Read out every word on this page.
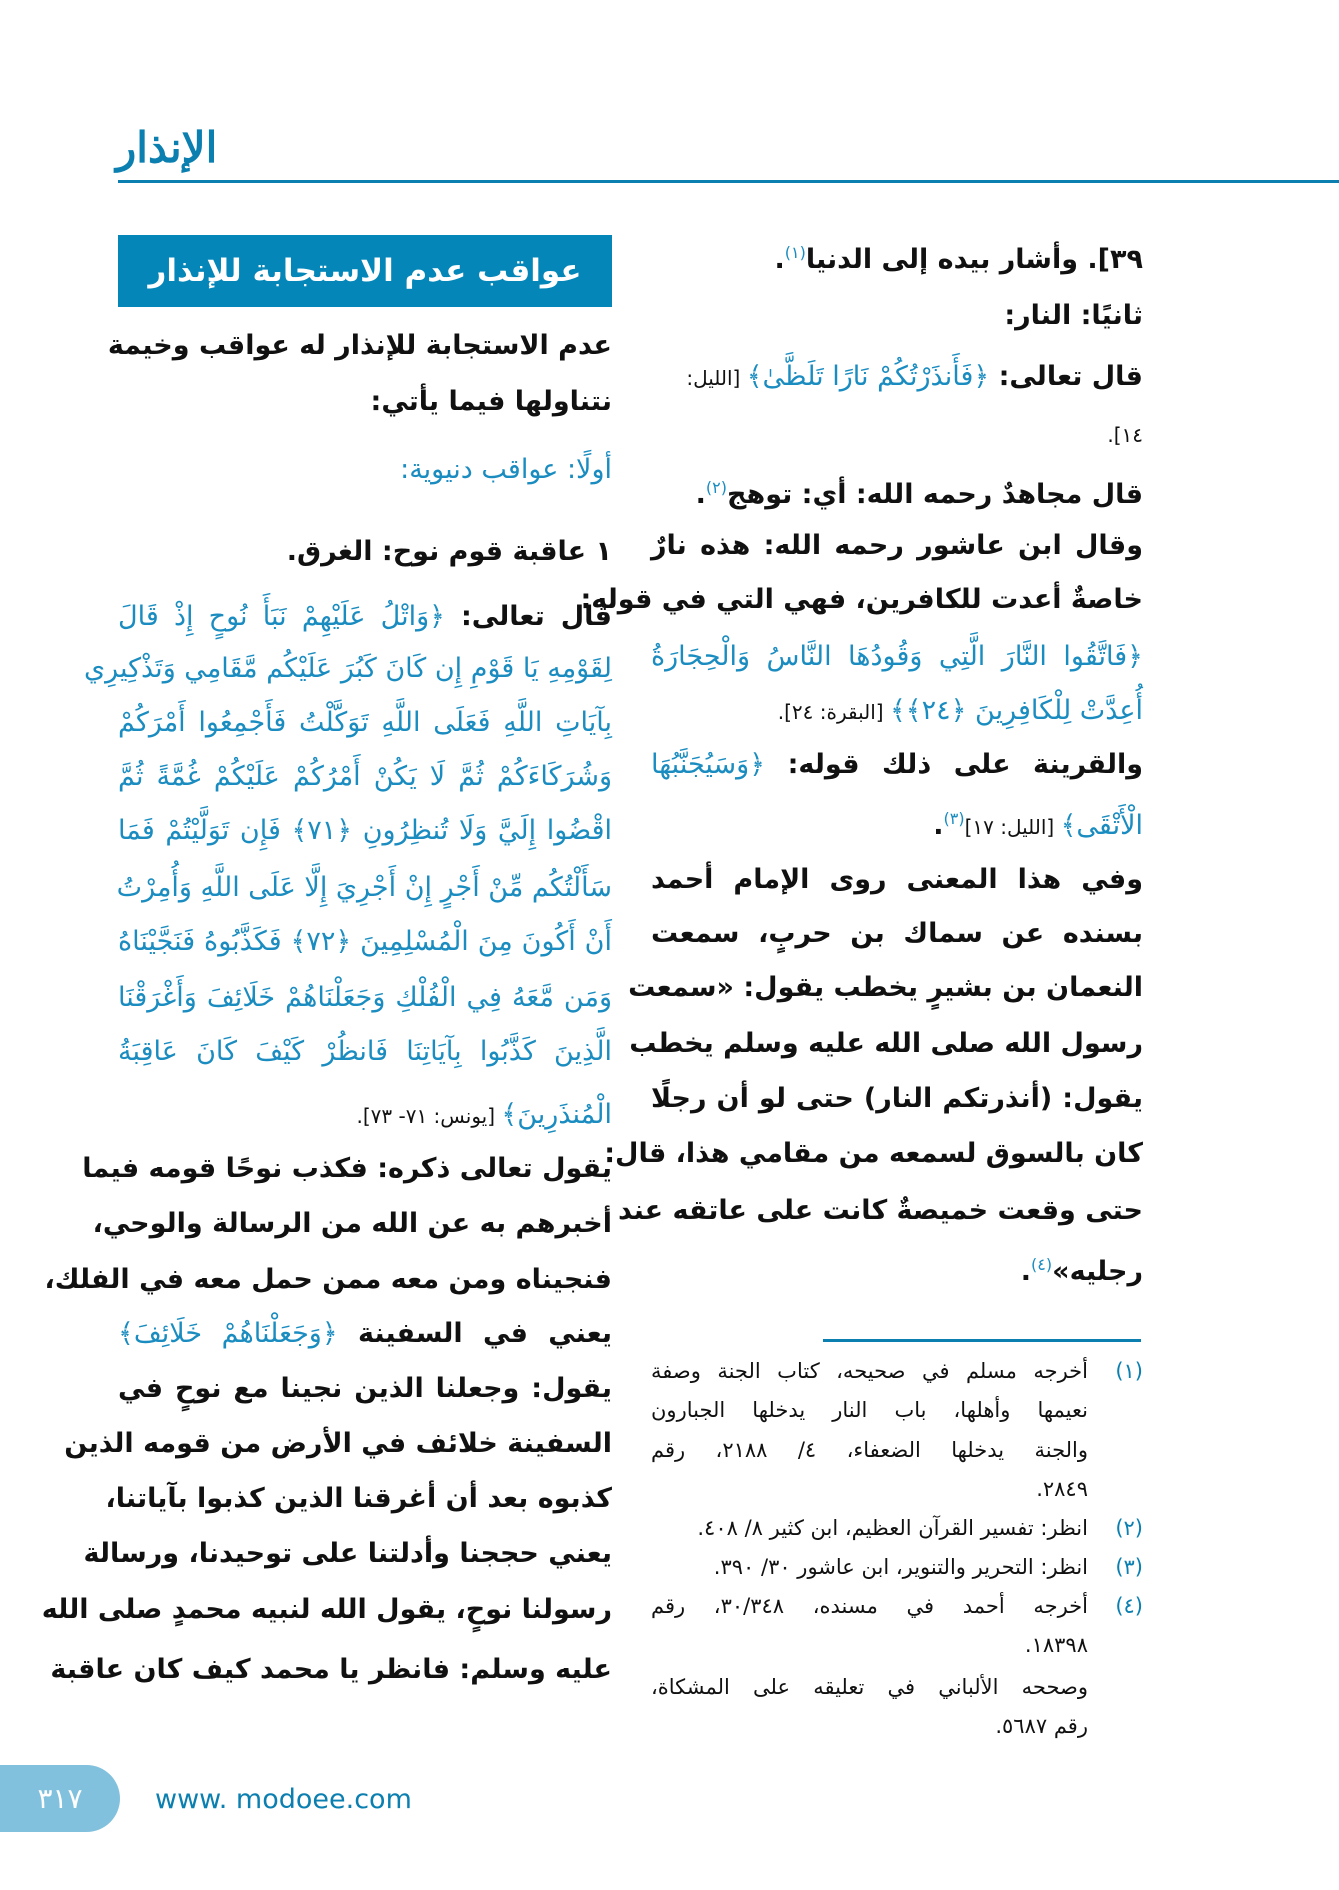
الإنذار
عواقب عدم الاستجابة للإنذار	٣٩]. وأشار بيده إلى الدنيا$^{(١)}$.
ثانيًا: النار:
قال تعالى: ﴿فَأَنذَرْتُكُمْ نَارًا تَلَظَّىٰ﴾ [الليل:
١٤].
قال مجاهدٌ رحمه الله: أي: توهج$^{(٢)}$.
وقال ابن عاشور رحمه الله: هذه نارٌ
خاصةٌ أعدت للكافرين، فهي التي في قوله:
﴿فَاتَّقُوا النَّارَ الَّتِي وَقُودُهَا النَّاسُ وَالْحِجَارَةُ
أُعِدَّتْ لِلْكَافِرِينَ ﴿٢٤﴾﴾ [البقرة: ٢٤].
والقرينة على ذلك قوله: ﴿وَسَيُجَنَّبُهَا
الْأَتْقَى﴾ [الليل: ١٧]$^{(٣)}$.
وفي هذا المعنى روى الإمام أحمد
بسنده عن سماك بن حربٍ، سمعت
النعمان بن بشيرٍ يخطب يقول: «سمعت
رسول الله صلى الله عليه وسلم يخطب
يقول: (أنذرتكم النار) حتى لو أن رجلًا
كان بالسوق لسمعه من مقامي هذا، قال:
حتى وقعت خميصةٌ كانت على عاتقه عند
رجليه»$^{(٤)}$.
(١)أخرجه مسلم في صحيحه، كتاب الجنة وصفة
نعيمها وأهلها، باب النار يدخلها الجبارون
والجنة يدخلها الضعفاء، ٤/ ٢١٨٨، رقم
٢٨٤٩.
(٢)انظر: تفسير القرآن العظيم، ابن كثير ٨/ ٤٠٨.
(٣)انظر: التحرير والتنوير، ابن عاشور ٣٠/ ٣٩٠.
(٤)أخرجه أحمد في مسنده، ٣٠/٣٤٨، رقم
١٨٣٩٨.
وصححه الألباني في تعليقه على المشكاة،
رقم ٥٦٨٧.
عدم الاستجابة للإنذار له عواقب وخيمة
نتناولها فيما يأتي:
أولًا: عواقب دنيوية:
١ عاقبة قوم نوح: الغرق.
قال تعالى: ﴿وَاتْلُ عَلَيْهِمْ نَبَأَ نُوحٍ إِذْ قَالَ
لِقَوْمِهِ يَا قَوْمِ إِن كَانَ كَبُرَ عَلَيْكُم مَّقَامِي وَتَذْكِيرِي
بِآيَاتِ اللَّهِ فَعَلَى اللَّهِ تَوَكَّلْتُ فَأَجْمِعُوا أَمْرَكُمْ
وَشُرَكَاءَكُمْ ثُمَّ لَا يَكُنْ أَمْرُكُمْ عَلَيْكُمْ غُمَّةً ثُمَّ
اقْضُوا إِلَيَّ وَلَا تُنظِرُونِ ﴿٧١﴾ فَإِن تَوَلَّيْتُمْ فَمَا
سَأَلْتُكُم مِّنْ أَجْرٍ إِنْ أَجْرِيَ إِلَّا عَلَى اللَّهِ وَأُمِرْتُ
أَنْ أَكُونَ مِنَ الْمُسْلِمِينَ ﴿٧٢﴾ فَكَذَّبُوهُ فَنَجَّيْنَاهُ
وَمَن مَّعَهُ فِي الْفُلْكِ وَجَعَلْنَاهُمْ خَلَائِفَ وَأَغْرَقْنَا
الَّذِينَ كَذَّبُوا بِآيَاتِنَا فَانظُرْ كَيْفَ كَانَ عَاقِبَةُ
الْمُنذَرِينَ﴾ [يونس: ٧١- ٧٣].
يقول تعالى ذكره: فكذب نوحًا قومه فيما
أخبرهم به عن الله من الرسالة والوحي،
فنجيناه ومن معه ممن حمل معه في الفلك،
يعني في السفينة ﴿وَجَعَلْنَاهُمْ خَلَائِفَ﴾
يقول: وجعلنا الذين نجينا مع نوحٍ في
السفينة خلائف في الأرض من قومه الذين
كذبوه بعد أن أغرقنا الذين كذبوا بآياتنا،
يعني حججنا وأدلتنا على توحيدنا، ورسالة
رسولنا نوحٍ، يقول الله لنبيه محمدٍ صلى الله
عليه وسلم: فانظر يا محمد كيف كان عاقبة
٣١٧	www. modoee.com
